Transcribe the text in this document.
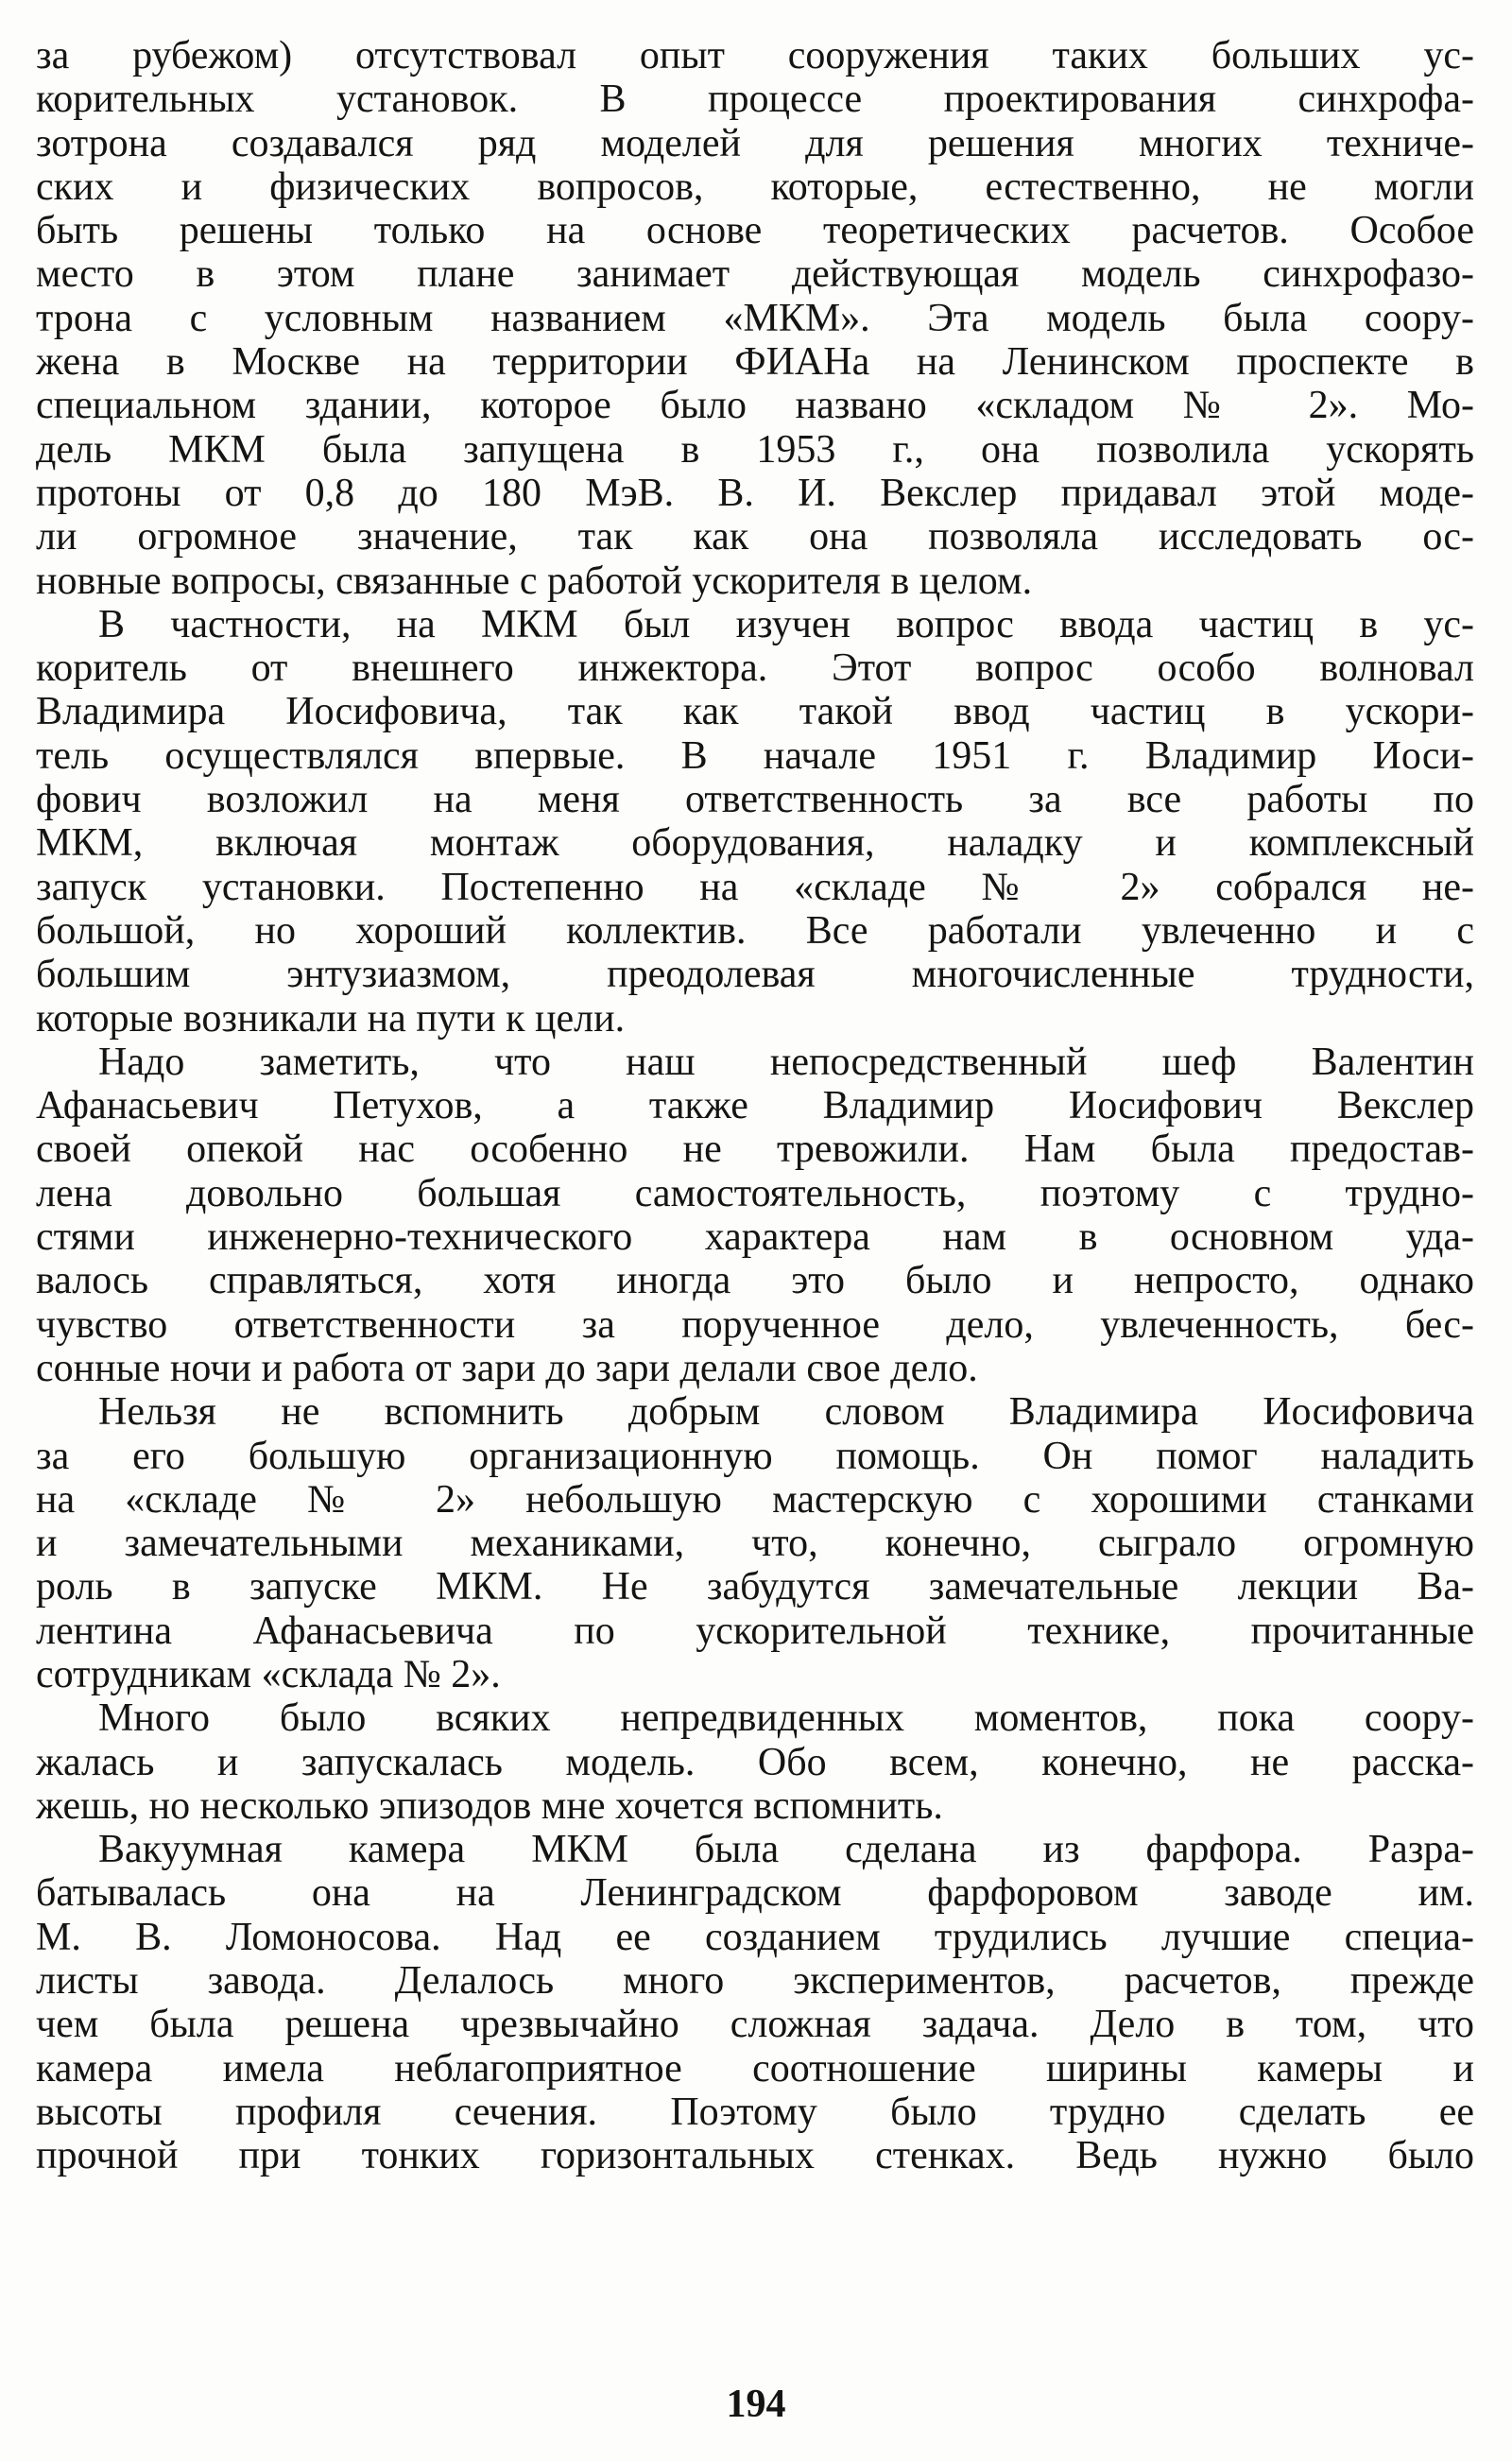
за рубежом) отсутствовал опыт сооружения таких больших ус-
корительных установок. В процессе проектирования синхрофа-
зотрона создавался ряд моделей для решения многих техниче-
ских и физических вопросов, которые, естественно, не могли
быть решены только на основе теоретических расчетов. Особое
место в этом плане занимает действующая модель синхрофазо-
трона с условным названием «МКМ». Эта модель была соору-
жена в Москве на территории ФИАНа на Ленинском проспекте в
специальном здании, которое было названо «складом № 2». Мо-
дель МКМ была запущена в 1953 г., она позволила ускорять
протоны от 0,8 до 180 МэВ. В. И. Векслер придавал этой моде-
ли огромное значение, так как она позволяла исследовать ос-
новные вопросы, связанные с работой ускорителя в целом.
В частности, на МКМ был изучен вопрос ввода частиц в ус-
коритель от внешнего инжектора. Этот вопрос особо волновал
Владимира Иосифовича, так как такой ввод частиц в ускори-
тель осуществлялся впервые. В начале 1951 г. Владимир Иоси-
фович возложил на меня ответственность за все работы по
МКМ, включая монтаж оборудования, наладку и комплексный
запуск установки. Постепенно на «складе № 2» собрался не-
большой, но хороший коллектив. Все работали увлеченно и с
большим энтузиазмом, преодолевая многочисленные трудности,
которые возникали на пути к цели.
Надо заметить, что наш непосредственный шеф Валентин
Афанасьевич Петухов, а также Владимир Иосифович Векслер
своей опекой нас особенно не тревожили. Нам была предостав-
лена довольно большая самостоятельность, поэтому с трудно-
стями инженерно-технического характера нам в основном уда-
валось справляться, хотя иногда это было и непросто, однако
чувство ответственности за порученное дело, увлеченность, бес-
сонные ночи и работа от зари до зари делали свое дело.
Нельзя не вспомнить добрым словом Владимира Иосифовича
за его большую организационную помощь. Он помог наладить
на «складе № 2» небольшую мастерскую с хорошими станками
и замечательными механиками, что, конечно, сыграло огромную
роль в запуске МКМ. Не забудутся замечательные лекции Ва-
лентина Афанасьевича по ускорительной технике, прочитанные
сотрудникам «склада № 2».
Много было всяких непредвиденных моментов, пока соору-
жалась и запускалась модель. Обо всем, конечно, не расска-
жешь, но несколько эпизодов мне хочется вспомнить.
Вакуумная камера МКМ была сделана из фарфора. Разра-
батывалась она на Ленинградском фарфоровом заводе им.
М. В. Ломоносова. Над ее созданием трудились лучшие специа-
листы завода. Делалось много экспериментов, расчетов, прежде
чем была решена чрезвычайно сложная задача. Дело в том, что
камера имела неблагоприятное соотношение ширины камеры и
высоты профиля сечения. Поэтому было трудно сделать ее
прочной при тонких горизонтальных стенках. Ведь нужно было
194
